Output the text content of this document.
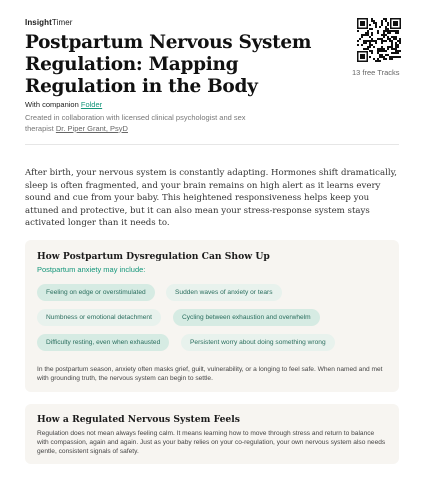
InsightTimer
Postpartum Nervous System Regulation: Mapping Regulation in the Body
With companion Folder
Created in collaboration with licensed clinical psychologist and sex therapist Dr. Piper Grant, PsyD
13 free Tracks

After birth, your nervous system is constantly adapting. Hormones shift dramatically, sleep is often fragmented, and your brain remains on high alert as it learns every sound and cue from your baby. This heightened responsiveness helps keep you attuned and protective, but it can also mean your stress-response system stays activated longer than it needs to.

How Postpartum Dysregulation Can Show Up
Postpartum anxiety may include:
Feeling on edge or overstimulated	Sudden waves of anxiety or tears
Numbness or emotional detachment	Cycling between exhaustion and overwhelm
Difficulty resting, even when exhausted	Persistent worry about doing something wrong
In the postpartum season, anxiety often masks grief, guilt, vulnerability, or a longing to feel safe. When named and met with grounding truth, the nervous system can begin to settle.
How a Regulated Nervous System Feels
Regulation does not mean always feeling calm. It means learning how to move through stress and return to balance with compassion, again and again. Just as your baby relies on your co-regulation, your own nervous system also needs gentle, consistent signals of safety.
